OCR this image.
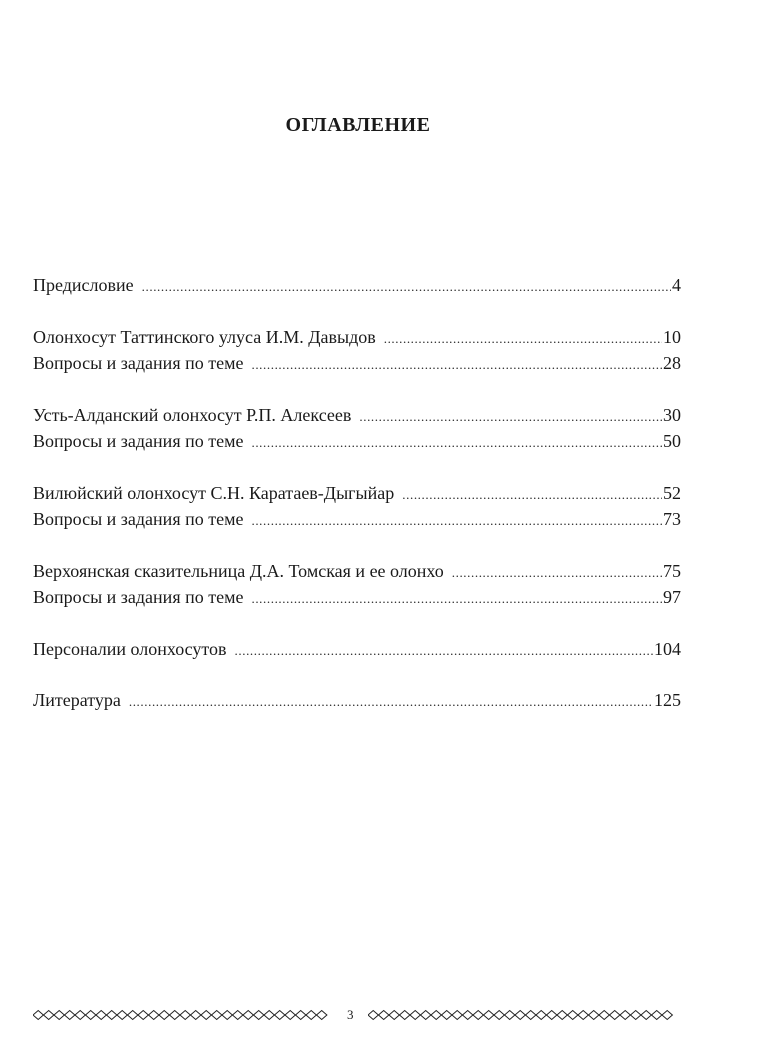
ОГЛАВЛЕНИЕ
Предисловие .....	4
Олонхосут Таттинского улуса И.М. Давыдов .....	10
Вопросы и задания по теме .....	28
Усть-Алданский олонхосут Р.П. Алексеев .....	30
Вопросы и задания по теме .....	50
Вилюйский олонхосут С.Н. Каратаев-Дыгыйар .....	52
Вопросы и задания по теме .....	73
Верхоянская сказительница Д.А. Томская и ее олонхо .....	75
Вопросы и задания по теме .....	97
Персоналии олонхосутов .....	104
Литература .....	125
3
